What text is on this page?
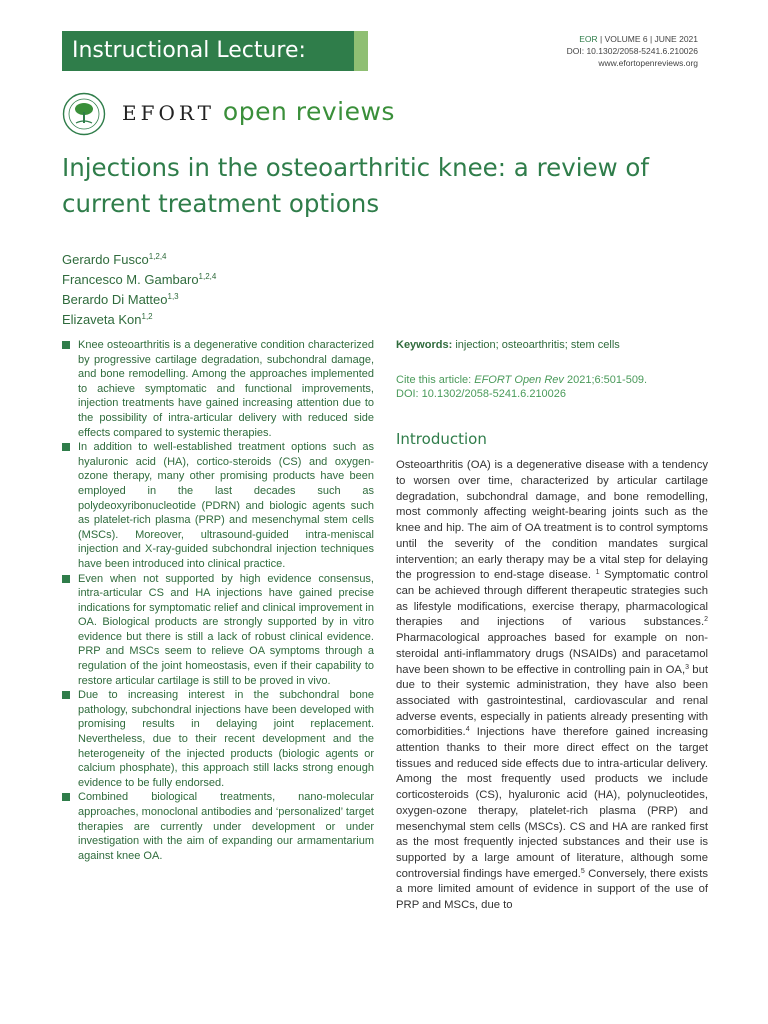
Instructional Lecture: Knee
EOR | VOLUME 6 | JUNE 2021
DOI: 10.1302/2058-5241.6.210026
www.efortopenreviews.org
EFORT open reviews
Injections in the osteoarthritic knee: a review of current treatment options
Gerardo Fusco$^{1,2,4}$
Francesco M. Gambaro$^{1,2,4}$
Berardo Di Matteo$^{1,3}$
Elizaveta Kon$^{1,2}$
Knee osteoarthritis is a degenerative condition characterized by progressive cartilage degradation, subchondral damage, and bone remodelling. Among the approaches implemented to achieve symptomatic and functional improvements, injection treatments have gained increasing attention due to the possibility of intra-articular delivery with reduced side effects compared to systemic therapies.
In addition to well-established treatment options such as hyaluronic acid (HA), cortico-steroids (CS) and oxygen-ozone therapy, many other promising products have been employed in the last decades such as polydeoxyribonucleotide (PDRN) and biologic agents such as platelet-rich plasma (PRP) and mesenchymal stem cells (MSCs). Moreover, ultrasound-guided intra-meniscal injection and X-ray-guided subchondral injection techniques have been introduced into clinical practice.
Even when not supported by high evidence consensus, intra-articular CS and HA injections have gained precise indications for symptomatic relief and clinical improvement in OA. Biological products are strongly supported by in vitro evidence but there is still a lack of robust clinical evidence. PRP and MSCs seem to relieve OA symptoms through a regulation of the joint homeostasis, even if their capability to restore articular cartilage is still to be proved in vivo.
Due to increasing interest in the subchondral bone pathology, subchondral injections have been developed with promising results in delaying joint replacement. Nevertheless, due to their recent development and the heterogeneity of the injected products (biologic agents or calcium phosphate), this approach still lacks strong enough evidence to be fully endorsed.
Combined biological treatments, nano-molecular approaches, monoclonal antibodies and ‘personalized’ target therapies are currently under development or under investigation with the aim of expanding our armamentarium against knee OA.

Keywords: injection; osteoarthritis; stem cells

Cite this article: EFORT Open Rev 2021;6:501-509.
DOI: 10.1302/2058-5241.6.210026

Introduction

Osteoarthritis (OA) is a degenerative disease with a tendency to worsen over time, characterized by articular cartilage degradation, subchondral damage, and bone remodelling, most commonly affecting weight-bearing joints such as the knee and hip. The aim of OA treatment is to control symptoms until the severity of the condition mandates surgical intervention; an early therapy may be a vital step for delaying the progression to end-stage disease. $^1$ Symptomatic control can be achieved through different therapeutic strategies such as lifestyle modifications, exercise therapy, pharmacological therapies and injections of various substances.$^2$ Pharmacological approaches based for example on non-steroidal anti-inflammatory drugs (NSAIDs) and paracetamol have been shown to be effective in controlling pain in OA,$^3$ but due to their systemic administration, they have also been associated with gastrointestinal, cardiovascular and renal adverse events, especially in patients already presenting with comorbidities.$^4$ Injections have therefore gained increasing attention thanks to their more direct effect on the target tissues and reduced side effects due to intra-articular delivery. Among the most frequently used products we include corticosteroids (CS), hyaluronic acid (HA), polynucleotides, oxygen-ozone therapy, platelet-rich plasma (PRP) and mesenchymal stem cells (MSCs). CS and HA are ranked first as the most frequently injected substances and their use is supported by a large amount of literature, although some controversial findings have emerged.$^5$ Conversely, there exists a more limited amount of evidence in support of the use of PRP and MSCs, due to
